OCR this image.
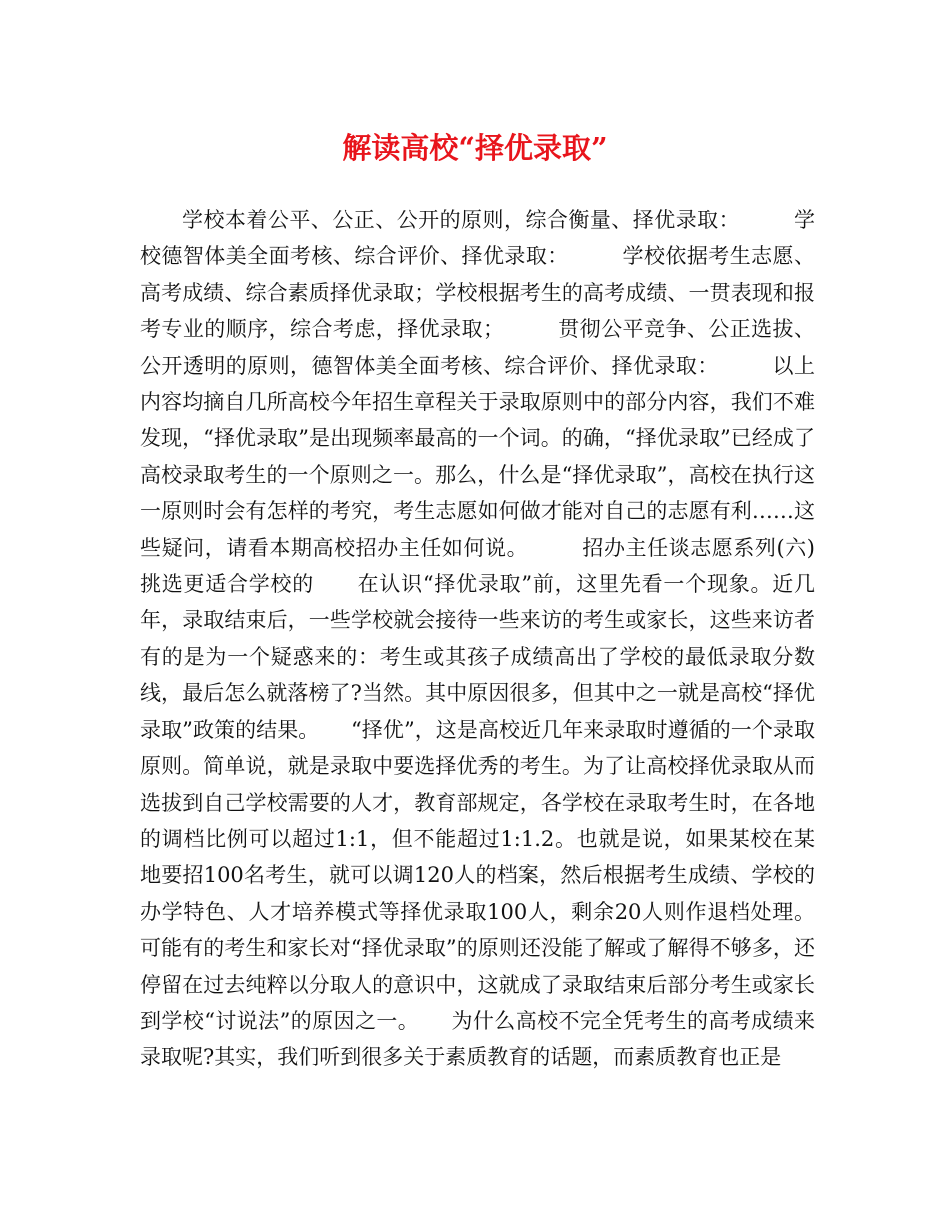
解读高校“择优录取”

学校本着公平、公正、公开的原则，综合衡量、择优录取：　　　学校德智体美全面考核、综合评价、择优录取：　　　学校依据考生志愿、高考成绩、综合素质择优录取；学校根据考生的高考成绩、一贯表现和报考专业的顺序，综合考虑，择优录取；　　　贯彻公平竞争、公正选拔、公开透明的原则，德智体美全面考核、综合评价、择优录取：　　　以上内容均摘自几所高校今年招生章程关于录取原则中的部分内容，我们不难发现，“择优录取”是出现频率最高的一个词。的确，“择优录取”已经成了高校录取考生的一个原则之一。那么，什么是“择优录取”，高校在执行这一原则时会有怎样的考究，考生志愿如何做才能对自己的志愿有利……这些疑问，请看本期高校招办主任如何说。　　　招办主任谈志愿系列(六)　　　　挑选更适合学校的　　在认识“择优录取”前，这里先看一个现象。近几年，录取结束后，一些学校就会接待一些来访的考生或家长，这些来访者有的是为一个疑惑来的：考生或其孩子成绩高出了学校的最低录取分数线，最后怎么就落榜了?当然。其中原因很多，但其中之一就是高校“择优录取”政策的结果。　　“择优”，这是高校近几年来录取时遵循的一个录取原则。简单说，就是录取中要选择优秀的考生。为了让高校择优录取从而选拔到自己学校需要的人才，教育部规定，各学校在录取考生时，在各地的调档比例可以超过1:1，但不能超过1:1.2。也就是说，如果某校在某地要招100名考生，就可以调120人的档案，然后根据考生成绩、学校的办学特色、人才培养模式等择优录取100人，剩余20人则作退档处理。可能有的考生和家长对“择优录取”的原则还没能了解或了解得不够多，还停留在过去纯粹以分取人的意识中，这就成了录取结束后部分考生或家长到学校“讨说法”的原因之一。　　为什么高校不完全凭考生的高考成绩来录取呢?其实，我们听到很多关于素质教育的话题，而素质教育也正是
